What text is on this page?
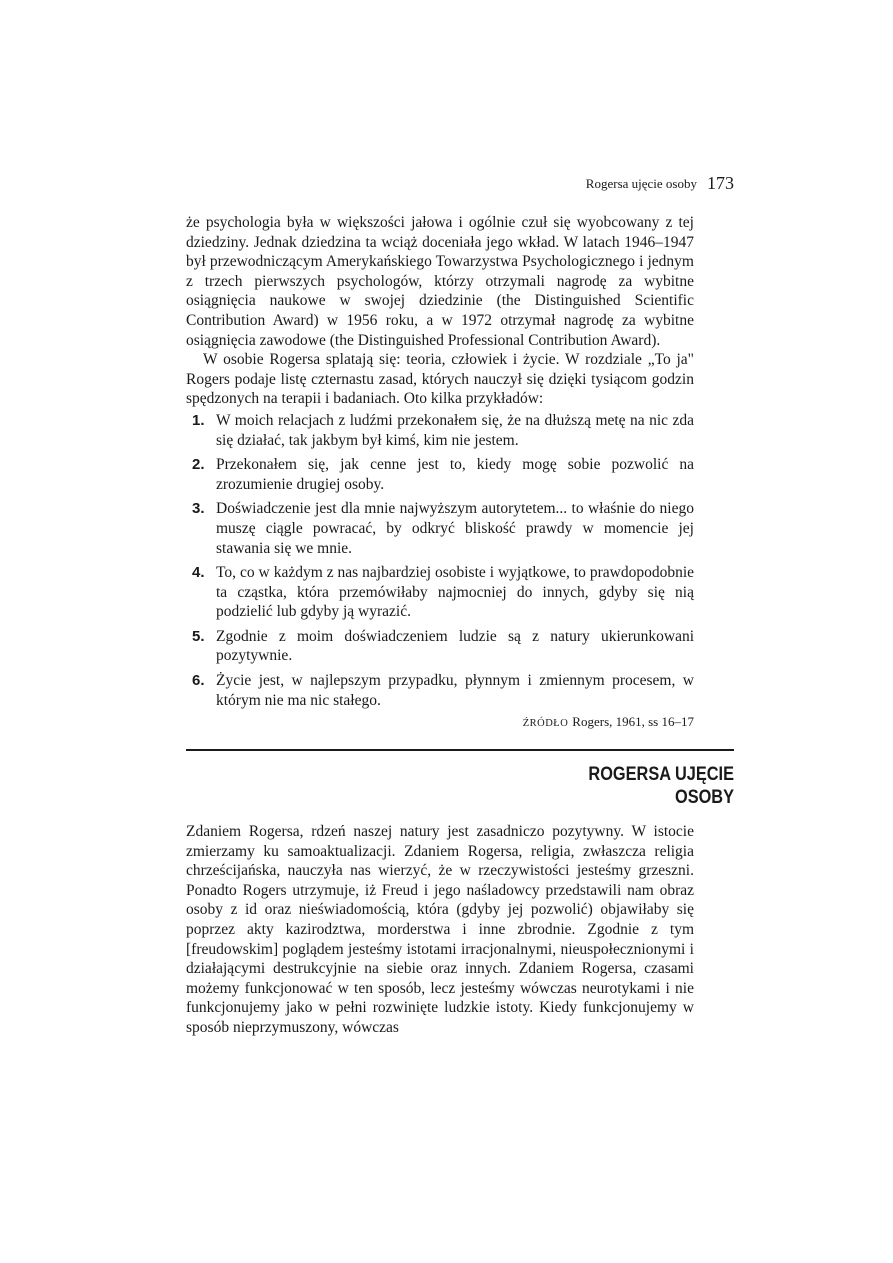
Rogersa ujęcie osoby 173

że psychologia była w większości jałowa i ogólnie czuł się wyobcowany z tej dziedziny. Jednak dziedzina ta wciąż doceniała jego wkład. W latach 1946–1947 był przewodniczącym Amerykańskiego Towarzystwa Psychologicznego i jednym z trzech pierwszych psychologów, którzy otrzymali nagrodę za wybitne osiągnięcia naukowe w swojej dziedzinie (the Distinguished Scientific Contribution Award) w 1956 roku, a w 1972 otrzymał nagrodę za wybitne osiągnięcia zawodowe (the Distinguished Professional Contribution Award).

W osobie Rogersa splatają się: teoria, człowiek i życie. W rozdziale „To ja" Rogers podaje listę czternastu zasad, których nauczył się dzięki tysiącom godzin spędzonych na terapii i badaniach. Oto kilka przykładów:

1. W moich relacjach z ludźmi przekonałem się, że na dłuższą metę na nic zda się działać, tak jakbym był kimś, kim nie jestem.
2. Przekonałem się, jak cenne jest to, kiedy mogę sobie pozwolić na zrozumienie drugiej osoby.
3. Doświadczenie jest dla mnie najwyższym autorytetem... to właśnie do niego muszę ciągle powracać, by odkryć bliskość prawdy w momencie jej stawania się we mnie.
4. To, co w każdym z nas najbardziej osobiste i wyjątkowe, to prawdopodobnie ta cząstka, która przemówiłaby najmocniej do innych, gdyby się nią podzielić lub gdyby ją wyrazić.
5. Zgodnie z moim doświadczeniem ludzie są z natury ukierunkowani pozytywnie.
6. Życie jest, w najlepszym przypadku, płynnym i zmiennym procesem, w którym nie ma nic stałego.
ŹRÓDŁO Rogers, 1961, ss 16–17
ROGERSA UJĘCIE
OSOBY

Zdaniem Rogersa, rdzeń naszej natury jest zasadniczo pozytywny. W istocie zmierzamy ku samoaktualizacji. Zdaniem Rogersa, religia, zwłaszcza religia chrześcijańska, nauczyła nas wierzyć, że w rzeczywistości jesteśmy grzeszni. Ponadto Rogers utrzymuje, iż Freud i jego naśladowcy przedstawili nam obraz osoby z id oraz nieświadomością, która (gdyby jej pozwolić) objawiłaby się poprzez akty kazirodztwa, morderstwa i inne zbrodnie. Zgodnie z tym [freudowskim] poglądem jesteśmy istotami irracjonalnymi, nieuspołecznionymi i działającymi destrukcyjnie na siebie oraz innych. Zdaniem Rogersa, czasami możemy funkcjonować w ten sposób, lecz jesteśmy wówczas neurotykami i nie funkcjonujemy jako w pełni rozwinięte ludzkie istoty. Kiedy funkcjonujemy w sposób nieprzymuszony, wówczas
